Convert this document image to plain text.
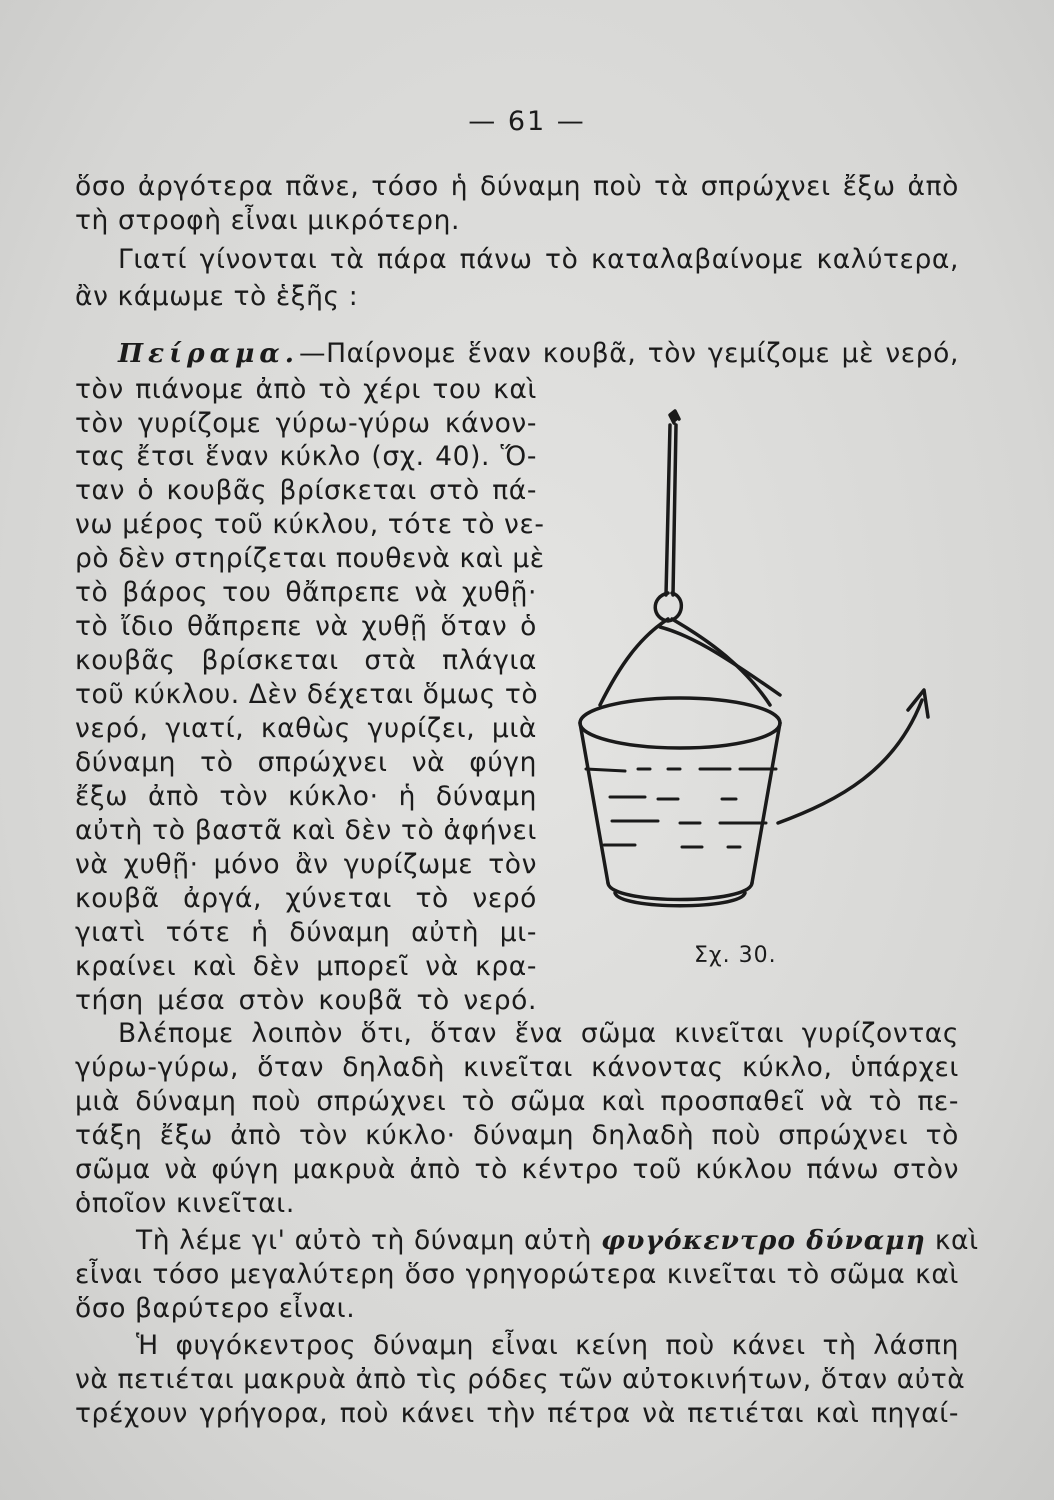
— 61 —
ὅσο ἀργότερα πᾶνε, τόσο ἡ δύναμη ποὺ τὰ σπρώχνει ἔξω ἀπὸ
τὴ στροφὴ εἶναι μικρότερη.
Γιατί γίνονται τὰ πάρα πάνω τὸ καταλαβαίνομε καλύτερα,
ἂν κάμωμε τὸ ἑξῆς :
Πείραμα.—Παίρνομε ἕναν κουβᾶ, τὸν γεμίζομε μὲ νερό,
τὸν πιάνομε ἀπὸ τὸ χέρι του καὶ
τὸν γυρίζομε γύρω-γύρω κάνον-
τας ἔτσι ἕναν κύκλο (σχ. 40). Ὅ-
ταν ὁ κουβᾶς βρίσκεται στὸ πά-
νω μέρος τοῦ κύκλου, τότε τὸ νε-
ρὸ δὲν στηρίζεται πουθενὰ καὶ μὲ
τὸ βάρος του θἄπρεπε νὰ χυθῇ·
τὸ ἴδιο θἄπρεπε νὰ χυθῇ ὅταν ὁ
κουβᾶς βρίσκεται στὰ πλάγια
τοῦ κύκλου. Δὲν δέχεται ὅμως τὸ
νερό, γιατί, καθὼς γυρίζει, μιὰ
δύναμη τὸ σπρώχνει νὰ φύγη
ἔξω ἀπὸ τὸν κύκλο· ἡ δύναμη
αὐτὴ τὸ βαστᾶ καὶ δὲν τὸ ἀφήνει
νὰ χυθῇ· μόνο ἂν γυρίζωμε τὸν
κουβᾶ ἀργά, χύνεται τὸ νερό
γιατὶ τότε ἡ δύναμη αὐτὴ μι-
κραίνει καὶ δὲν μπορεῖ νὰ κρα-
τήση μέσα στὸν κουβᾶ τὸ νερό.
Σχ. 30.
Βλέπομε λοιπὸν ὅτι, ὅταν ἕνα σῶμα κινεῖται γυρίζοντας
γύρω-γύρω, ὅταν δηλαδὴ κινεῖται κάνοντας κύκλο, ὑπάρχει
μιὰ δύναμη ποὺ σπρώχνει τὸ σῶμα καὶ προσπαθεῖ νὰ τὸ πε-
τάξη ἔξω ἀπὸ τὸν κύκλο· δύναμη δηλαδὴ ποὺ σπρώχνει τὸ
σῶμα νὰ φύγη μακρυὰ ἀπὸ τὸ κέντρο τοῦ κύκλου πάνω στὸν
ὁποῖον κινεῖται.
Τὴ λέμε γι' αὐτὸ τὴ δύναμη αὐτὴ φυγόκεντρο δύναμη καὶ
εἶναι τόσο μεγαλύτερη ὅσο γρηγορώτερα κινεῖται τὸ σῶμα καὶ
ὅσο βαρύτερο εἶναι.
Ἡ φυγόκεντρος δύναμη εἶναι κείνη ποὺ κάνει τὴ λάσπη
νὰ πετιέται μακρυὰ ἀπὸ τὶς ρόδες τῶν αὐτοκινήτων, ὅταν αὐτὰ
τρέχουν γρήγορα, ποὺ κάνει τὴν πέτρα νὰ πετιέται καὶ πηγαί-
